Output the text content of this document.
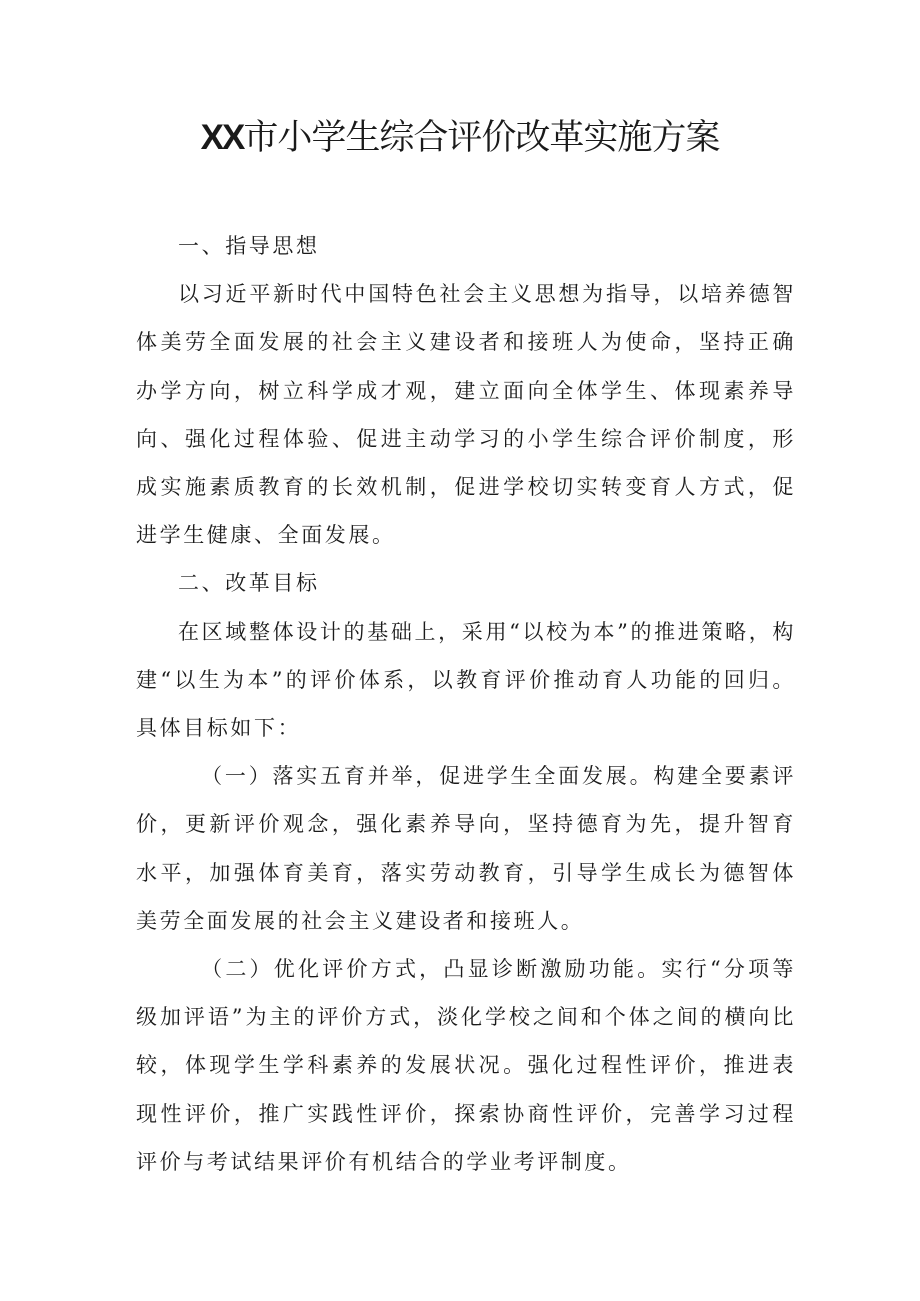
XX市小学生综合评价改革实施方案

一、指导思想

以习近平新时代中国特色社会主义思想为指导，以培养德智体美劳全面发展的社会主义建设者和接班人为使命，坚持正确办学方向，树立科学成才观，建立面向全体学生、体现素养导向、强化过程体验、促进主动学习的小学生综合评价制度，形成实施素质教育的长效机制，促进学校切实转变育人方式，促进学生健康、全面发展。

二、改革目标

在区域整体设计的基础上，采用“以校为本”的推进策略，构建“以生为本”的评价体系，以教育评价推动育人功能的回归。具体目标如下：

（一）落实五育并举，促进学生全面发展。构建全要素评价，更新评价观念，强化素养导向，坚持德育为先，提升智育水平，加强体育美育，落实劳动教育，引导学生成长为德智体美劳全面发展的社会主义建设者和接班人。

（二）优化评价方式，凸显诊断激励功能。实行“分项等级加评语”为主的评价方式，淡化学校之间和个体之间的横向比较，体现学生学科素养的发展状况。强化过程性评价，推进表现性评价，推广实践性评价，探索协商性评价，完善学习过程评价与考试结果评价有机结合的学业考评制度。
